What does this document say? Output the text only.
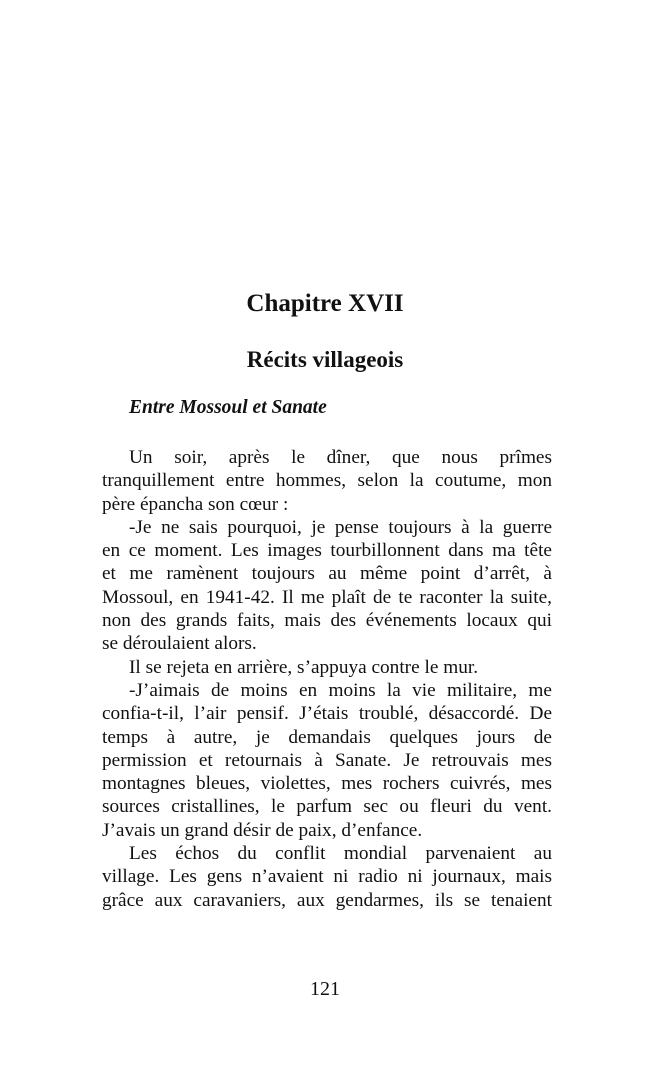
Chapitre XVII
Récits villageois
Entre Mossoul et Sanate
Un soir, après le dîner, que nous prîmes
tranquillement entre hommes, selon la coutume, mon
père épancha son cœur :
-Je ne sais pourquoi, je pense toujours à la guerre
en ce moment. Les images tourbillonnent dans ma tête
et me ramènent toujours au même point d’arrêt, à
Mossoul, en 1941-42. Il me plaît de te raconter la suite,
non des grands faits, mais des événements locaux qui
se déroulaient alors.
Il se rejeta en arrière, s’appuya contre le mur.
-J’aimais de moins en moins la vie militaire, me
confia-t-il, l’air pensif. J’étais troublé, désaccordé. De
temps à autre, je demandais quelques jours de
permission et retournais à Sanate. Je retrouvais mes
montagnes bleues, violettes, mes rochers cuivrés, mes
sources cristallines, le parfum sec ou fleuri du vent.
J’avais un grand désir de paix, d’enfance.
Les échos du conflit mondial parvenaient au
village. Les gens n’avaient ni radio ni journaux, mais
grâce aux caravaniers, aux gendarmes, ils se tenaient
121
